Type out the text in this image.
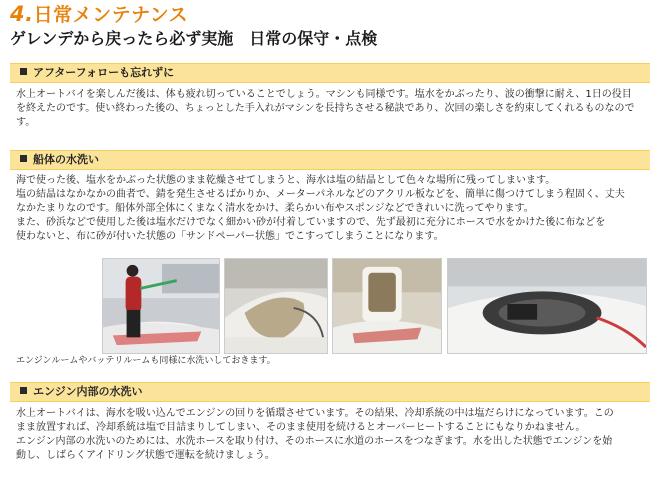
4.日常メンテナンス
ゲレンデから戻ったら必ず実施　日常の保守・点検
アフターフォローも忘れずに
水上オートバイを楽しんだ後は、体も疲れ切っていることでしょう。マシンも同様です。塩水をかぶったり、波の衝撃に耐え、1日の役目
を終えたのです。使い終わった後の、ちょっとした手入れがマシンを長持ちさせる秘訣であり、次回の楽しさを約束してくれるものなので
す。
船体の水洗い
海で使った後、塩水をかぶった状態のまま乾燥させてしまうと、海水は塩の結晶として色々な場所に残ってしまいます。
塩の結晶はなかなかの曲者で、錆を発生させるばかりか、メーターパネルなどのアクリル板などを、簡単に傷つけてしまう程固く、丈夫
なかたまりなのです。船体外部全体にくまなく清水をかけ、柔らかい布やスポンジなどできれいに洗ってやります。
また、砂浜などで使用した後は塩水だけでなく細かい砂が付着していますので、先ず最初に充分にホースで水をかけた後に布などを
使わないと、布に砂が付いた状態の「サンドペーパー状態」でこすってしまうことになります。
エンジンルームやバッテリルームも同様に水洗いしておきます。
エンジン内部の水洗い
水上オートバイは、海水を吸い込んでエンジンの回りを循環させています。その結果、冷却系統の中は塩だらけになっています。この
まま放置すれば、冷却系統は塩で目詰まりしてしまい、そのまま使用を続けるとオーバーヒートすることにもなりかねません。
エンジン内部の水洗いのためには、水洗ホースを取り付け、そのホースに水道のホースをつなぎます。水を出した状態でエンジンを始
動し、しばらくアイドリング状態で運転を続けましょう。
